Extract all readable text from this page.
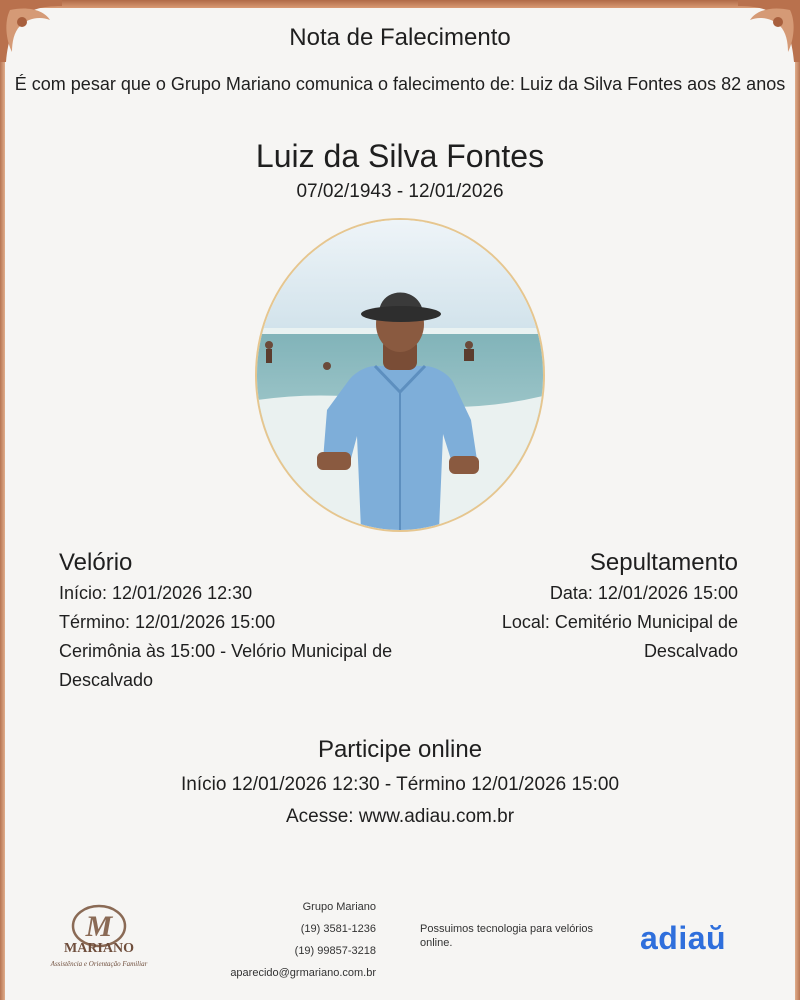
Nota de Falecimento
É com pesar que o Grupo Mariano comunica o falecimento de: Luiz da Silva Fontes aos 82 anos
Luiz da Silva Fontes
07/02/1943 - 12/01/2026
Velório
Início: 12/01/2026 12:30
Término: 12/01/2026 15:00
Cerimônia às 15:00 - Velório Municipal de Descalvado
Sepultamento
Data: 12/01/2026 15:00
Local: Cemitério Municipal de Descalvado
Participe online
Início 12/01/2026 12:30 - Término 12/01/2026 15:00
Acesse: www.adiau.com.br
M
MARIANO
Assistência e Orientação Familiar
Grupo Mariano
(19) 3581-1236
(19) 99857-3218
aparecido@grmariano.com.br
Possuimos tecnologia para velórios online.	adiaŭ
